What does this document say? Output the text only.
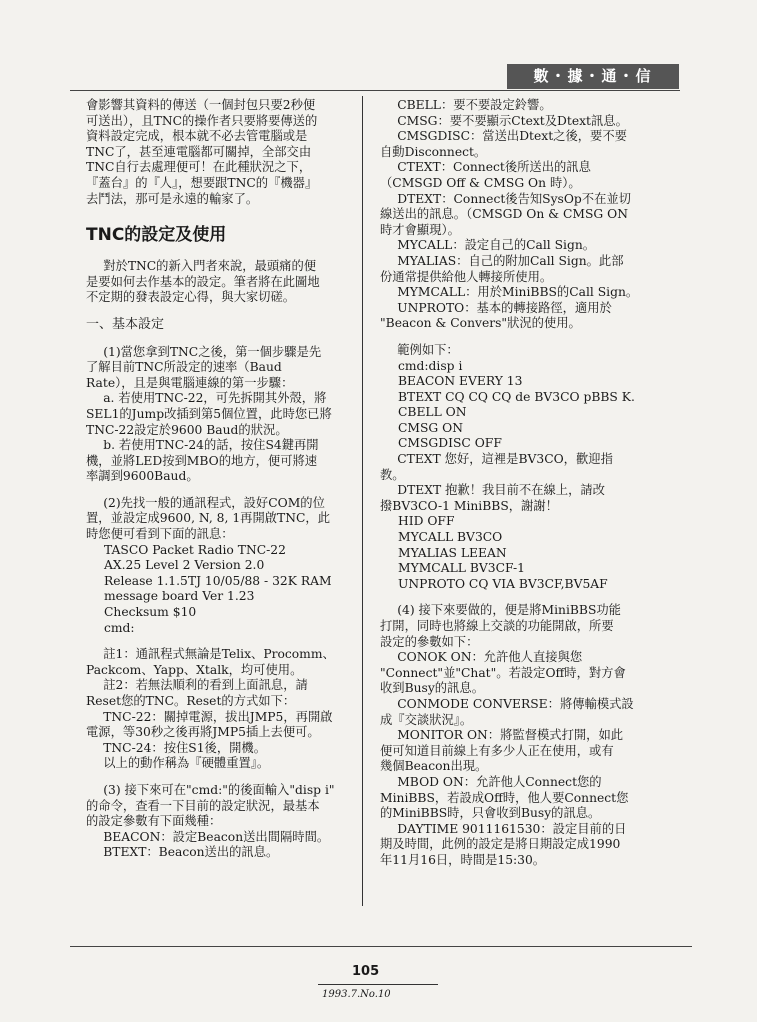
數・據・通・信

會影響其資料的傳送（一個封包只要2秒便
可送出），且TNC的操作者只要將要傳送的
資料設定完成，根本就不必去管電腦或是
TNC了，甚至連電腦都可關掉，全部交由
TNC自行去處理便可！在此種狀況之下，
『蓋台』的『人』，想要跟TNC的『機器』
去鬥法，那可是永遠的輸家了。

TNC的設定及使用

對於TNC的新入門者來說，最頭痛的便
是要如何去作基本的設定。筆者將在此圖地
不定期的發表設定心得，與大家切磋。

一、基本設定

(1)當您拿到TNC之後，第一個步驟是先
了解目前TNC所設定的速率（Baud
Rate），且是與電腦連線的第一步驟：

a. 若使用TNC-22，可先拆開其外殼，將
SEL1的Jump改插到第5個位置，此時您已將
TNC-22設定於9600 Baud的狀況。

b. 若使用TNC-24的話，按住S4鍵再開
機，並將LED按到MBO的地方，便可將速
率調到9600Baud。

(2)先找一般的通訊程式，設好COM的位
置，並設定成9600, N, 8, 1再開啟TNC，此
時您便可看到下面的訊息：

TASCO Packet Radio TNC-22
AX.25 Level 2 Version 2.0
Release 1.1.5TJ 10/05/88 - 32K RAM
message board Ver 1.23
Checksum $10
cmd:

註1：通訊程式無論是Telix、Procomm、
Packcom、Yapp、Xtalk，均可使用。

註2：若無法順利的看到上面訊息，請
Reset您的TNC。Reset的方式如下：

TNC-22：關掉電源，拔出JMP5，再開啟
電源，等30秒之後再將JMP5插上去便可。

TNC-24：按住S1後，開機。

以上的動作稱為『硬體重置』。

(3) 接下來可在"cmd:"的後面輸入"disp i"
的命令，查看一下目前的設定狀況，最基本
的設定參數有下面幾種：

BEACON：設定Beacon送出間隔時間。

BTEXT：Beacon送出的訊息。

CBELL：要不要設定鈴響。

CMSG：要不要顯示Ctext及Dtext訊息。

CMSGDISC：當送出Dtext之後，要不要
自動Disconnect。

CTEXT：Connect後所送出的訊息
（CMSGD Off & CMSG On 時）。

DTEXT：Connect後告知SysOp不在並切
線送出的訊息。（CMSGD On & CMSG ON
時才會顯現）。

MYCALL：設定自己的Call Sign。

MYALIAS：自己的附加Call Sign。此部
份通常提供給他人轉接所使用。

MYMCALL：用於MiniBBS的Call Sign。

UNPROTO：基本的轉接路徑，適用於
"Beacon & Convers"狀況的使用。

範例如下：

cmd:disp i
BEACON EVERY 13
BTEXT CQ CQ CQ de BV3CO pBBS K.
CBELL ON
CMSG ON
CMSGDISC OFF

CTEXT 您好，這裡是BV3CO，歡迎指
教。

DTEXT 抱歉！我目前不在線上，請改
撥BV3CO-1 MiniBBS，謝謝！

HID OFF
MYCALL BV3CO
MYALIAS LEEAN
MYMCALL BV3CF-1
UNPROTO CQ VIA BV3CF,BV5AF

(4) 接下來要做的，便是將MiniBBS功能
打開，同時也將線上交談的功能開啟，所要
設定的參數如下：

CONOK ON：允許他人直接與您
"Connect"並"Chat"。若設定Off時，對方會
收到Busy的訊息。

CONMODE CONVERSE：將傳輸模式設
成『交談狀況』。

MONITOR ON：將監督模式打開，如此
便可知道目前線上有多少人正在使用，或有
幾個Beacon出現。

MBOD ON：允許他人Connect您的
MiniBBS，若設成Off時，他人要Connect您
的MiniBBS時，只會收到Busy的訊息。

DAYTIME 9011161530：設定目前的日
期及時間，此例的設定是將日期設定成1990
年11月16日，時間是15:30。

105
1993.7.No.10
